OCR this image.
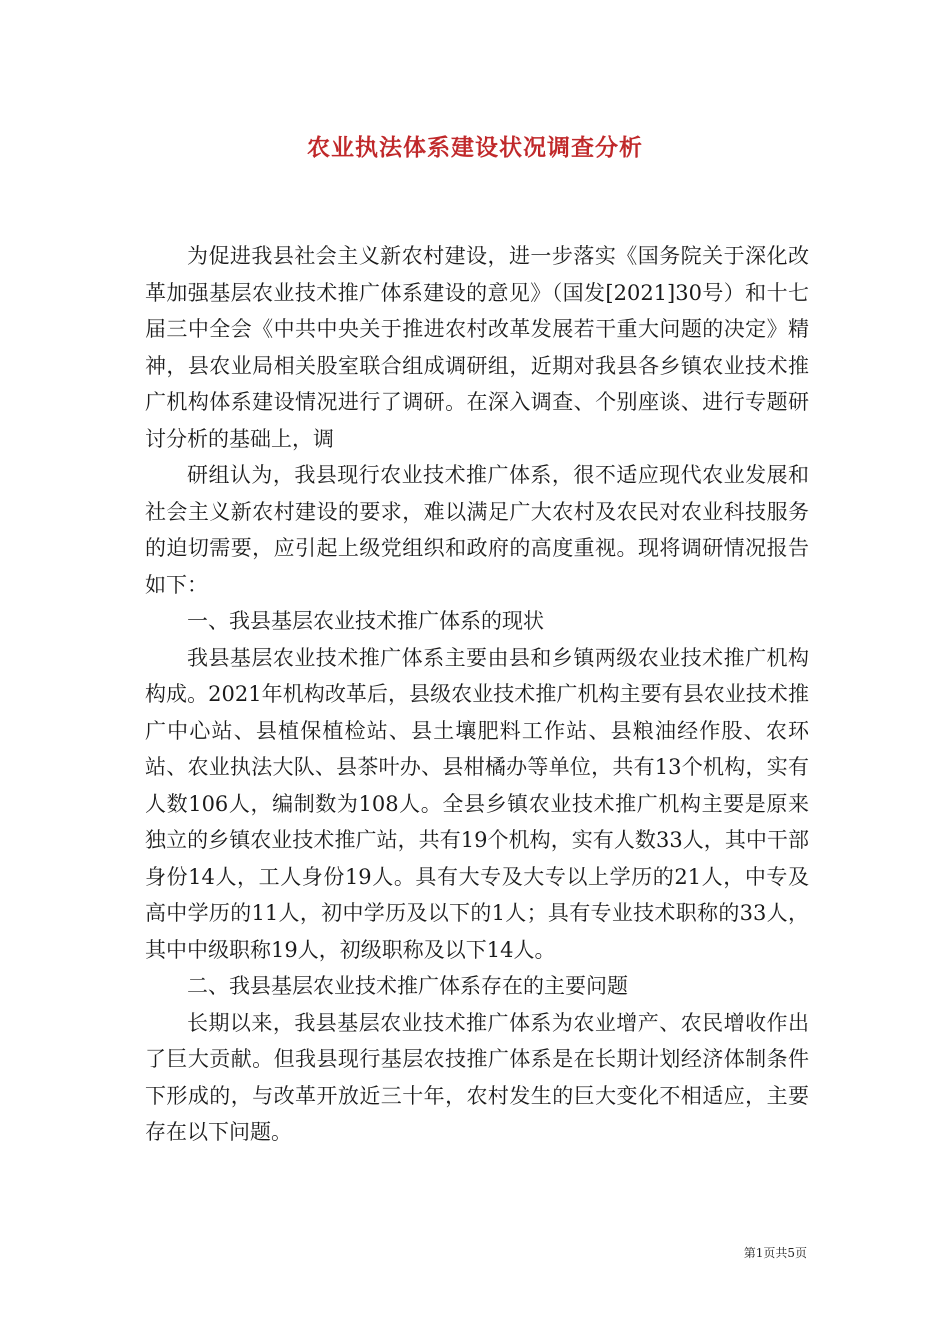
农业执法体系建设状况调查分析

为促进我县社会主义新农村建设，进一步落实《国务院关于深化改革加强基层农业技术推广体系建设的意见》（国发[2021]30号）和十七届三中全会《中共中央关于推进农村改革发展若干重大问题的决定》精神，县农业局相关股室联合组成调研组，近期对我县各乡镇农业技术推广机构体系建设情况进行了调研。在深入调查、个别座谈、进行专题研讨分析的基础上，调

研组认为，我县现行农业技术推广体系，很不适应现代农业发展和社会主义新农村建设的要求，难以满足广大农村及农民对农业科技服务的迫切需要，应引起上级党组织和政府的高度重视。现将调研情况报告如下：

一、我县基层农业技术推广体系的现状

我县基层农业技术推广体系主要由县和乡镇两级农业技术推广机构构成。2021年机构改革后，县级农业技术推广机构主要有县农业技术推广中心站、县植保植检站、县土壤肥料工作站、县粮油经作股、农环站、农业执法大队、县茶叶办、县柑橘办等单位，共有13个机构，实有人数106人，编制数为108人。全县乡镇农业技术推广机构主要是原来独立的乡镇农业技术推广站，共有19个机构，实有人数33人，其中干部身份14人，工人身份19人。具有大专及大专以上学历的21人，中专及高中学历的11人，初中学历及以下的1人；具有专业技术职称的33人，其中中级职称19人，初级职称及以下14人。

二、我县基层农业技术推广体系存在的主要问题

长期以来，我县基层农业技术推广体系为农业增产、农民增收作出了巨大贡献。但我县现行基层农技推广体系是在长期计划经济体制条件下形成的，与改革开放近三十年，农村发生的巨大变化不相适应，主要存在以下问题。

第1页共5页
